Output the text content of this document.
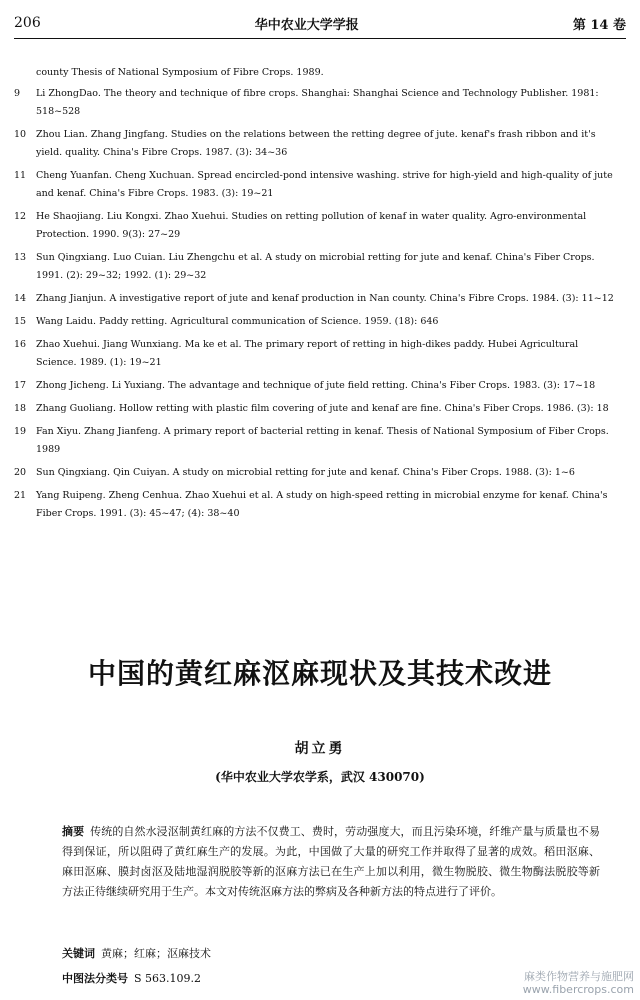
206	华中农业大学学报	第 14 卷
county Thesis of National Symposium of Fibre Crops. 1989.
9	Li ZhongDao. The theory and technique of fibre crops. Shanghai: Shanghai Science and Technology Publisher. 1981: 518~528
10	Zhou Lian. Zhang Jingfang. Studies on the relations between the retting degree of jute. kenaf's frash ribbon and it's yield. quality. China's Fibre Crops. 1987. (3): 34~36
11	Cheng Yuanfan. Cheng Xuchuan. Spread encircled-pond intensive washing. strive for high-yield and high-quality of jute and kenaf. China's Fibre Crops. 1983. (3): 19~21
12	He Shaojiang. Liu Kongxi. Zhao Xuehui. Studies on retting pollution of kenaf in water quality. Agro-environmental Protection. 1990. 9(3): 27~29
13	Sun Qingxiang. Luo Cuian. Liu Zhengchu et al. A study on microbial retting for jute and kenaf. China's Fiber Crops. 1991. (2): 29~32; 1992. (1): 29~32
14	Zhang Jianjun. A investigative report of jute and kenaf production in Nan county. China's Fibre Crops. 1984. (3): 11~12
15	Wang Laidu. Paddy retting. Agricultural communication of Science. 1959. (18): 646
16	Zhao Xuehui. Jiang Wunxiang. Ma ke et al. The primary report of retting in high-dikes paddy. Hubei Agricultural Science. 1989. (1): 19~21
17	Zhong Jicheng. Li Yuxiang. The advantage and technique of jute field retting. China's Fiber Crops. 1983. (3): 17~18
18	Zhang Guoliang. Hollow retting with plastic film covering of jute and kenaf are fine. China's Fiber Crops. 1986. (3): 18
19	Fan Xiyu. Zhang Jianfeng. A primary report of bacterial retting in kenaf. Thesis of National Symposium of Fiber Crops. 1989
20	Sun Qingxiang. Qin Cuiyan. A study on microbial retting for jute and kenaf. China's Fiber Crops. 1988. (3): 1~6
21	Yang Ruipeng. Zheng Cenhua. Zhao Xuehui et al. A study on high-speed retting in microbial enzyme for kenaf. China's Fiber Crops. 1991. (3): 45~47; (4): 38~40
中国的黄红麻沤麻现状及其技术改进
胡立勇
(华中农业大学农学系，武汉 430070)
摘要 传统的自然水浸沤制黄红麻的方法不仅费工、费时，劳动强度大，而且污染环境，纤维产量与质量也不易得到保证，所以阻碍了黄红麻生产的发展。为此，中国做了大量的研究工作并取得了显著的成效。稻田沤麻、麻田沤麻、膜封卤沤及陆地湿润脱胶等新的沤麻方法已在生产上加以利用，微生物脱胶、微生物酶法脱胶等新方法正待继续研究用于生产。本文对传统沤麻方法的弊病及各种新方法的特点进行了评价。
关键词 黄麻；红麻；沤麻技术
中图法分类号 S 563.109.2	麻类作物营养与施肥网
www.fibercrops.com
